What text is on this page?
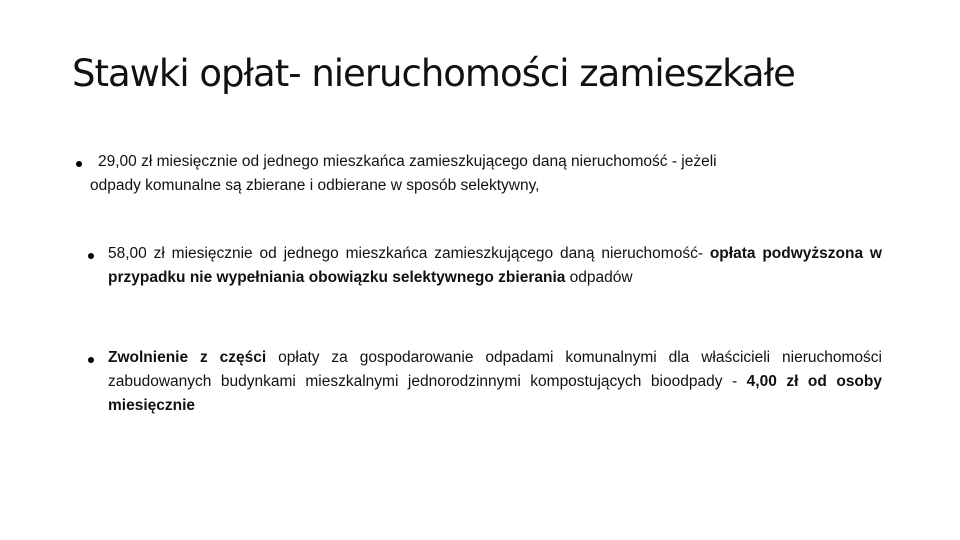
Stawki opłat- nieruchomości zamieszkałe
29,00 zł miesięcznie od jednego mieszkańca zamieszkującego daną nieruchomość - jeżeli
odpady komunalne są zbierane i odbierane w sposób selektywny,

58,00 zł miesięcznie od jednego mieszkańca zamieszkującego daną nieruchomość- opłata podwyższona w przypadku nie wypełniania obowiązku selektywnego zbierania odpadów

Zwolnienie z części opłaty za gospodarowanie odpadami komunalnymi dla właścicieli nieruchomości zabudowanych budynkami mieszkalnymi jednorodzinnymi kompostujących bioodpady - 4,00 zł od osoby miesięcznie
